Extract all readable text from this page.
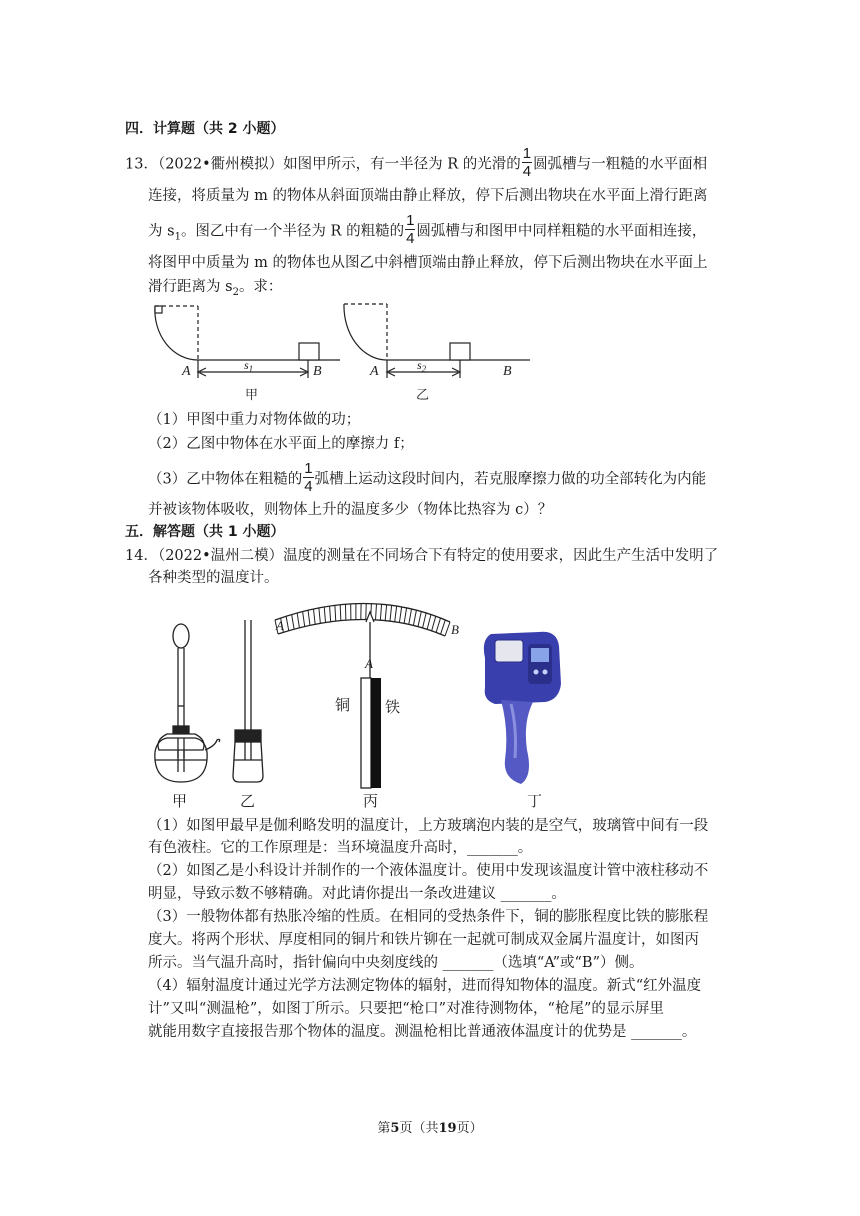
四．计算题（共 2 小题）
13．（2022•衢州模拟）如图甲所示，有一半径为 R 的光滑的 $\frac{1}{4}$ 圆弧槽与一粗糙的水平面相
连接，将质量为 m 的物体从斜面顶端由静止释放，停下后测出物块在水平面上滑行距离
为 $s_1$。图乙中有一个半径为 R 的粗糙的 $\frac{1}{4}$ 圆弧槽与和图甲中同样粗糙的水平面相连接，
将图甲中质量为 m 的物体也从图乙中斜槽顶端由静止释放，停下后测出物块在水平面上
滑行距离为 $s_2$。求：
A	B
$s_1$
甲
A	B
$s_2$
乙
（1）甲图中重力对物体做的功；
（2）乙图中物体在水平面上的摩擦力 f；
（3）乙中物体在粗糙的 $\frac{1}{4}$ 弧槽上运动这段时间内，若克服摩擦力做的功全部转化为内能
并被该物体吸收，则物体上升的温度多少（物体比热容为 c）？
五．解答题（共 1 小题）
14．（2022•温州二模）温度的测量在不同场合下有特定的使用要求，因此生产生活中发明了
各种类型的温度计。
甲	乙
A	B
A
铜 铁
丙	丁
（1）如图甲最早是伽利略发明的温度计，上方玻璃泡内装的是空气，玻璃管中间有一段
有色液柱。它的工作原理是：当环境温度升高时，_______。
（2）如图乙是小科设计并制作的一个液体温度计。使用中发现该温度计管中液柱移动不
明显，导致示数不够精确。对此请你提出一条改进建议 _______。
（3）一般物体都有热胀冷缩的性质。在相同的受热条件下，铜的膨胀程度比铁的膨胀程
度大。将两个形状、厚度相同的铜片和铁片铆在一起就可制成双金属片温度计，如图丙
所示。当气温升高时，指针偏向中央刻度线的 _______（选填“A”或“B”）侧。
（4）辐射温度计通过光学方法测定物体的辐射，进而得知物体的温度。新式“红外温度
计”又叫“测温枪”，如图丁所示。只要把“枪口”对准待测物体，“枪尾”的显示屏里
就能用数字直接报告那个物体的温度。测温枪相比普通液体温度计的优势是 _______。
第5页（共19页）
